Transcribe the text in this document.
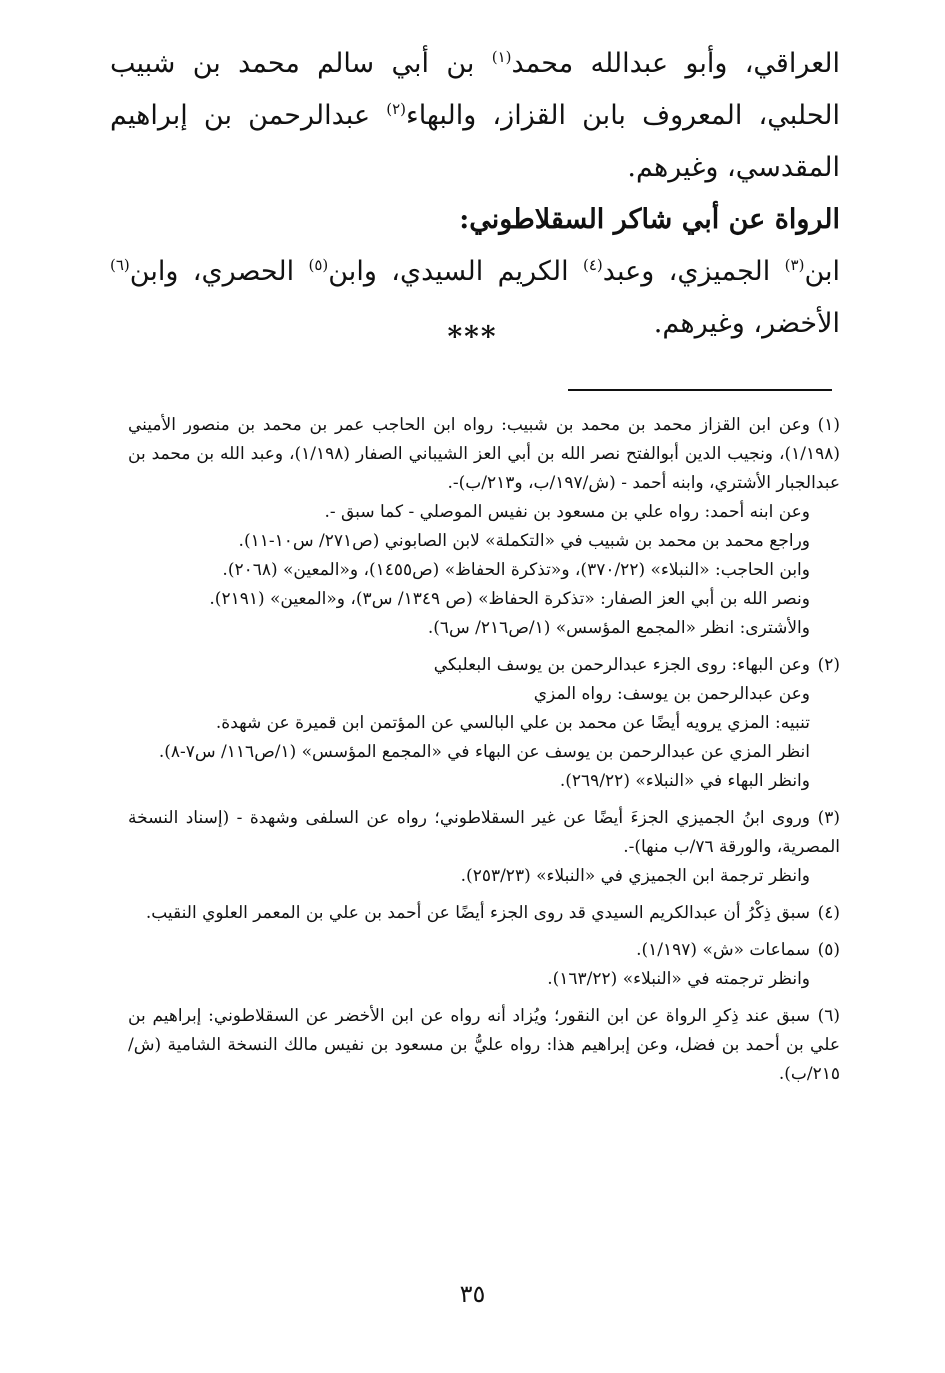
العراقي، وأبو عبدالله محمد$^{(١)}$ بن أبي سالم محمد بن شبيب الحلبي، المعروف بابن القزاز، والبهاء$^{(٢)}$ عبدالرحمن بن إبراهيم المقدسي، وغيرهم.

الرواة عن أبي شاكر السقلاطوني:

ابن$^{(٣)}$ الجميزي، وعبد$^{(٤)}$ الكريم السيدي، وابن$^{(٥)}$ الحصري، وابن$^{(٦)}$ الأخضر، وغيرهم.

***
(١)وعن ابن القزاز محمد بن محمد بن شبيب: رواه ابن الحاجب عمر بن محمد بن منصور الأميني (١/١٩٨)، ونجيب الدين أبوالفتح نصر الله بن أبي العز الشيباني الصفار (١/١٩٨)، وعبد الله بن محمد بن عبدالجبار الأشتري، وابنه أحمد - (ش/١٩٧/ب، و٢١٣/ب)-.
وعن ابنه أحمد: رواه علي بن مسعود بن نفيس الموصلي - كما سبق -.
وراجع محمد بن محمد بن شبيب في «التكملة» لابن الصابوني (ص٢٧١/ س١٠-١١).
وابن الحاجب: «النبلاء» (٣٧٠/٢٢)، و«تذكرة الحفاظ» (ص١٤٥٥)، و«المعين» (٢٠٦٨).
ونصر الله بن أبي العز الصفار: «تذكرة الحفاظ» (ص ١٣٤٩/ س٣)، و«المعين» (٢١٩١).
والأشترى: انظر «المجمع المؤسس» (١/ص٢١٦/ س٦).
(٢)وعن البهاء: روى الجزء عبدالرحمن بن يوسف البعلبكي
وعن عبدالرحمن بن يوسف: رواه المزي
تنبيه: المزي يرويه أيضًا عن محمد بن علي البالسي عن المؤتمن ابن قميرة عن شهدة.
انظر المزي عن عبدالرحمن بن يوسف عن البهاء في «المجمع المؤسس» (١/ص١١٦/ س٧-٨).
وانظر البهاء في «النبلاء» (٢٦٩/٢٢).
(٣)وروى ابنُ الجميزي الجزءَ أيضًا عن غير السقلاطوني؛ رواه عن السلفى وشهدة - (إسناد النسخة المصرية، والورقة ٧٦/ب منها)-.
وانظر ترجمة ابن الجميزي في «النبلاء» (٢٥٣/٢٣).
(٤)سبق ذِكْرُ أن عبدالكريم السيدي قد روى الجزء أيضًا عن أحمد بن علي بن المعمر العلوي النقيب.
(٥)سماعات «ش» (١/١٩٧).
وانظر ترجمته في «النبلاء» (١٦٣/٢٢).
(٦)سبق عند ذِكرِ الرواة عن ابن النقور؛ ويُزاد أنه رواه عن ابن الأخضر عن السقلاطوني: إبراهيم بن علي بن أحمد بن فضل، وعن إبراهيم هذا: رواه عليُّ بن مسعود بن نفيس مالك النسخة الشامية (ش/٢١٥/ب).
٣٥
